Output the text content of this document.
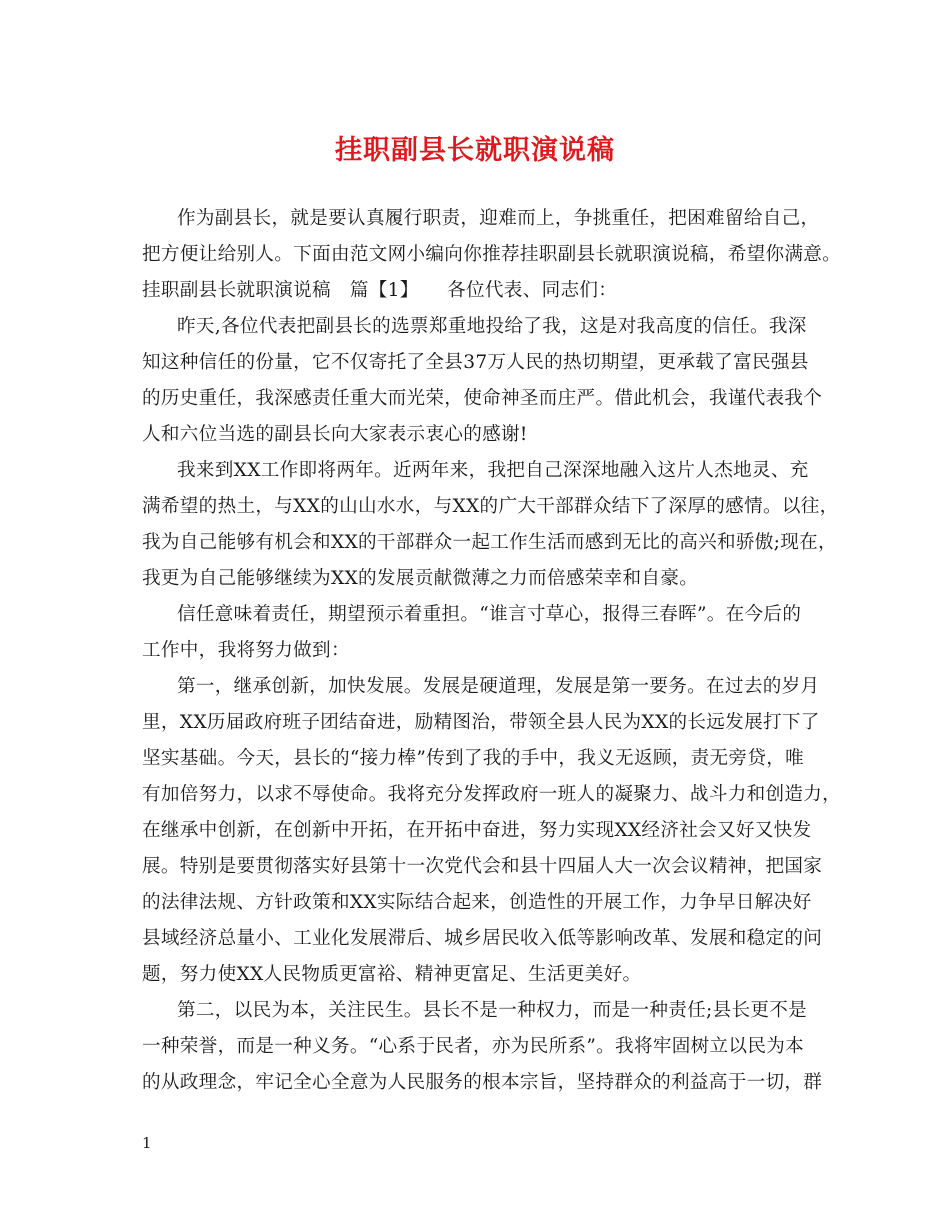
挂职副县长就职演说稿
作为副县长，就是要认真履行职责，迎难而上，争挑重任，把困难留给自己，
把方便让给别人。下面由范文网小编向你推荐挂职副县长就职演说稿，希望你满意。
挂职副县长就职演说稿　篇【1】　　各位代表、同志们：
昨天,各位代表把副县长的选票郑重地投给了我，这是对我高度的信任。我深
知这种信任的份量，它不仅寄托了全县37万人民的热切期望，更承载了富民强县
的历史重任，我深感责任重大而光荣，使命神圣而庄严。借此机会，我谨代表我个
人和六位当选的副县长向大家表示衷心的感谢!
我来到XX工作即将两年。近两年来，我把自己深深地融入这片人杰地灵、充
满希望的热土，与XX的山山水水，与XX的广大干部群众结下了深厚的感情。以往，
我为自己能够有机会和XX的干部群众一起工作生活而感到无比的高兴和骄傲;现在，
我更为自己能够继续为XX的发展贡献微薄之力而倍感荣幸和自豪。
信任意味着责任，期望预示着重担。“谁言寸草心，报得三春晖”。在今后的
工作中，我将努力做到：
第一，继承创新，加快发展。发展是硬道理，发展是第一要务。在过去的岁月
里，XX历届政府班子团结奋进，励精图治，带领全县人民为XX的长远发展打下了
坚实基础。今天，县长的“接力棒”传到了我的手中，我义无返顾，责无旁贷，唯
有加倍努力，以求不辱使命。我将充分发挥政府一班人的凝聚力、战斗力和创造力，
在继承中创新，在创新中开拓，在开拓中奋进，努力实现XX经济社会又好又快发
展。特别是要贯彻落实好县第十一次党代会和县十四届人大一次会议精神，把国家
的法律法规、方针政策和XX实际结合起来，创造性的开展工作，力争早日解决好
县域经济总量小、工业化发展滞后、城乡居民收入低等影响改革、发展和稳定的问
题，努力使XX人民物质更富裕、精神更富足、生活更美好。
第二，以民为本，关注民生。县长不是一种权力，而是一种责任;县长更不是
一种荣誉，而是一种义务。“心系于民者，亦为民所系”。我将牢固树立以民为本
的从政理念，牢记全心全意为人民服务的根本宗旨，坚持群众的利益高于一切，群
1
